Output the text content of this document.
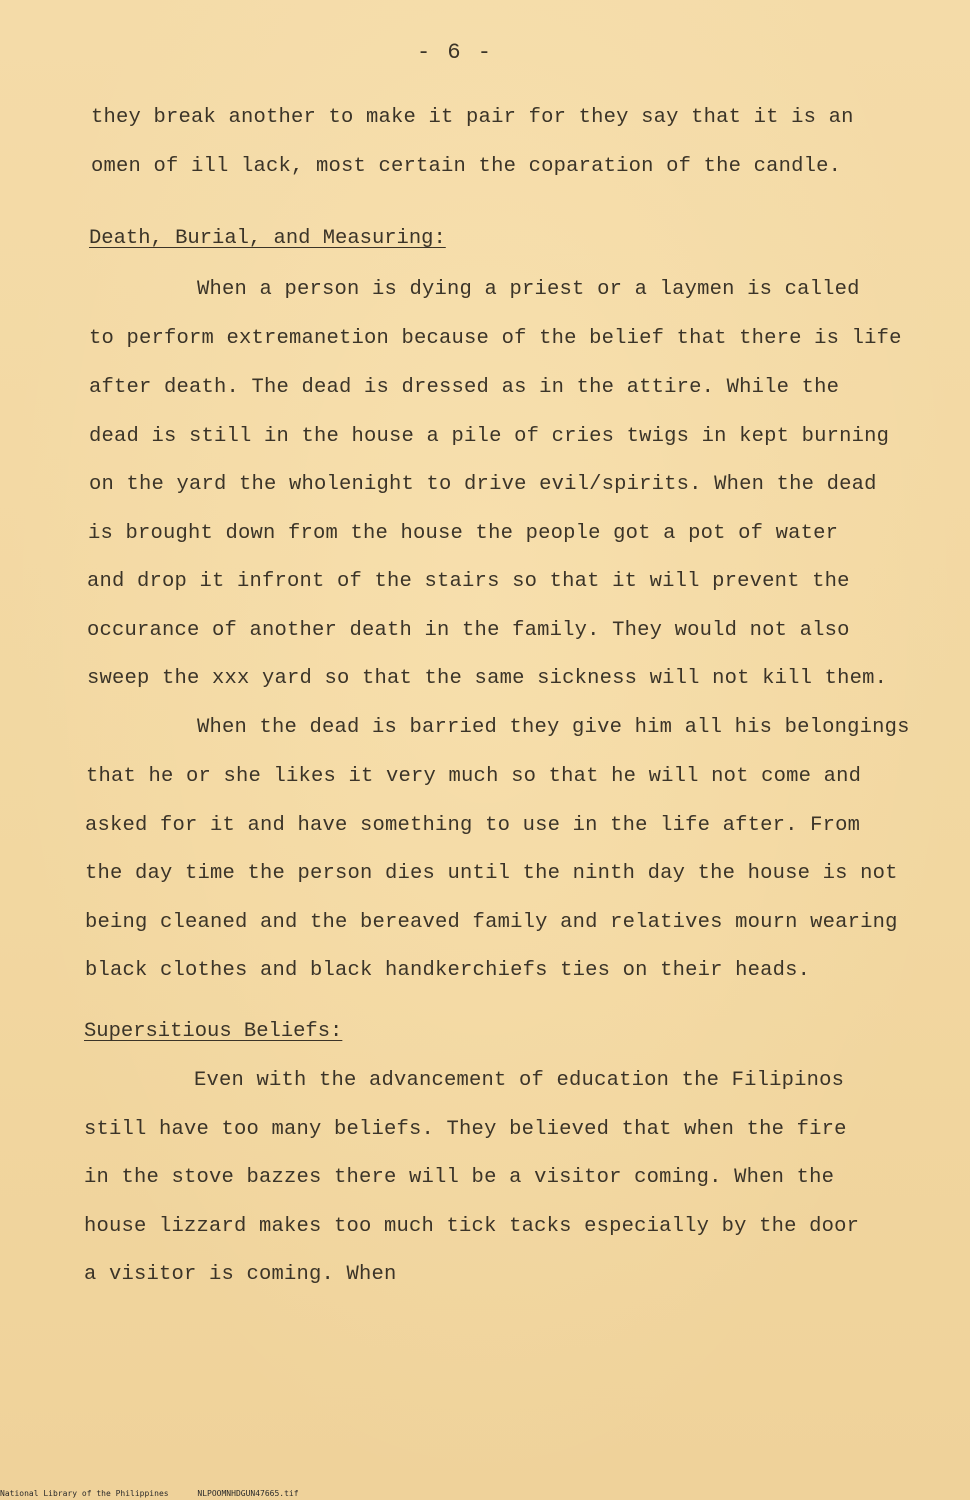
- 6 -
they break another to make it pair for they say that it is an
omen of ill lack, most certain the coparation of the candle.
Death, Burial, and Measuring:
When a person is dying a priest or a laymen is called
to perform extremanetion because of the belief that there is life
after death. The dead is dressed as in the attire. While the
dead is still in the house a pile of cries twigs in kept burning
on the yard the wholenight to drive evil/spirits. When the dead
is brought down from the house the people got a pot of water
and drop it infront of the stairs so that it will prevent the
occurance of another death in the family. They would not also
sweep the xxx yard so that the same sickness will not kill them.
When the dead is barried they give him all his belongings
that he or she likes it very much so that he will not come and
asked for it and have something to use in the life after. From
the day time the person dies until the ninth day the house is not
being cleaned and the bereaved family and relatives mourn wearing
black clothes and black handkerchiefs ties on their heads.
Supersitious Beliefs:
Even with the advancement of education the Filipinos
still have too many beliefs. They believed that when the fire
in the stove bazzes there will be a visitor coming. When the
house lizzard makes too much tick tacks especially by the door
a visitor is coming. When
National Library of the Philippines	NLPOOMNHDGUN47665.tif
